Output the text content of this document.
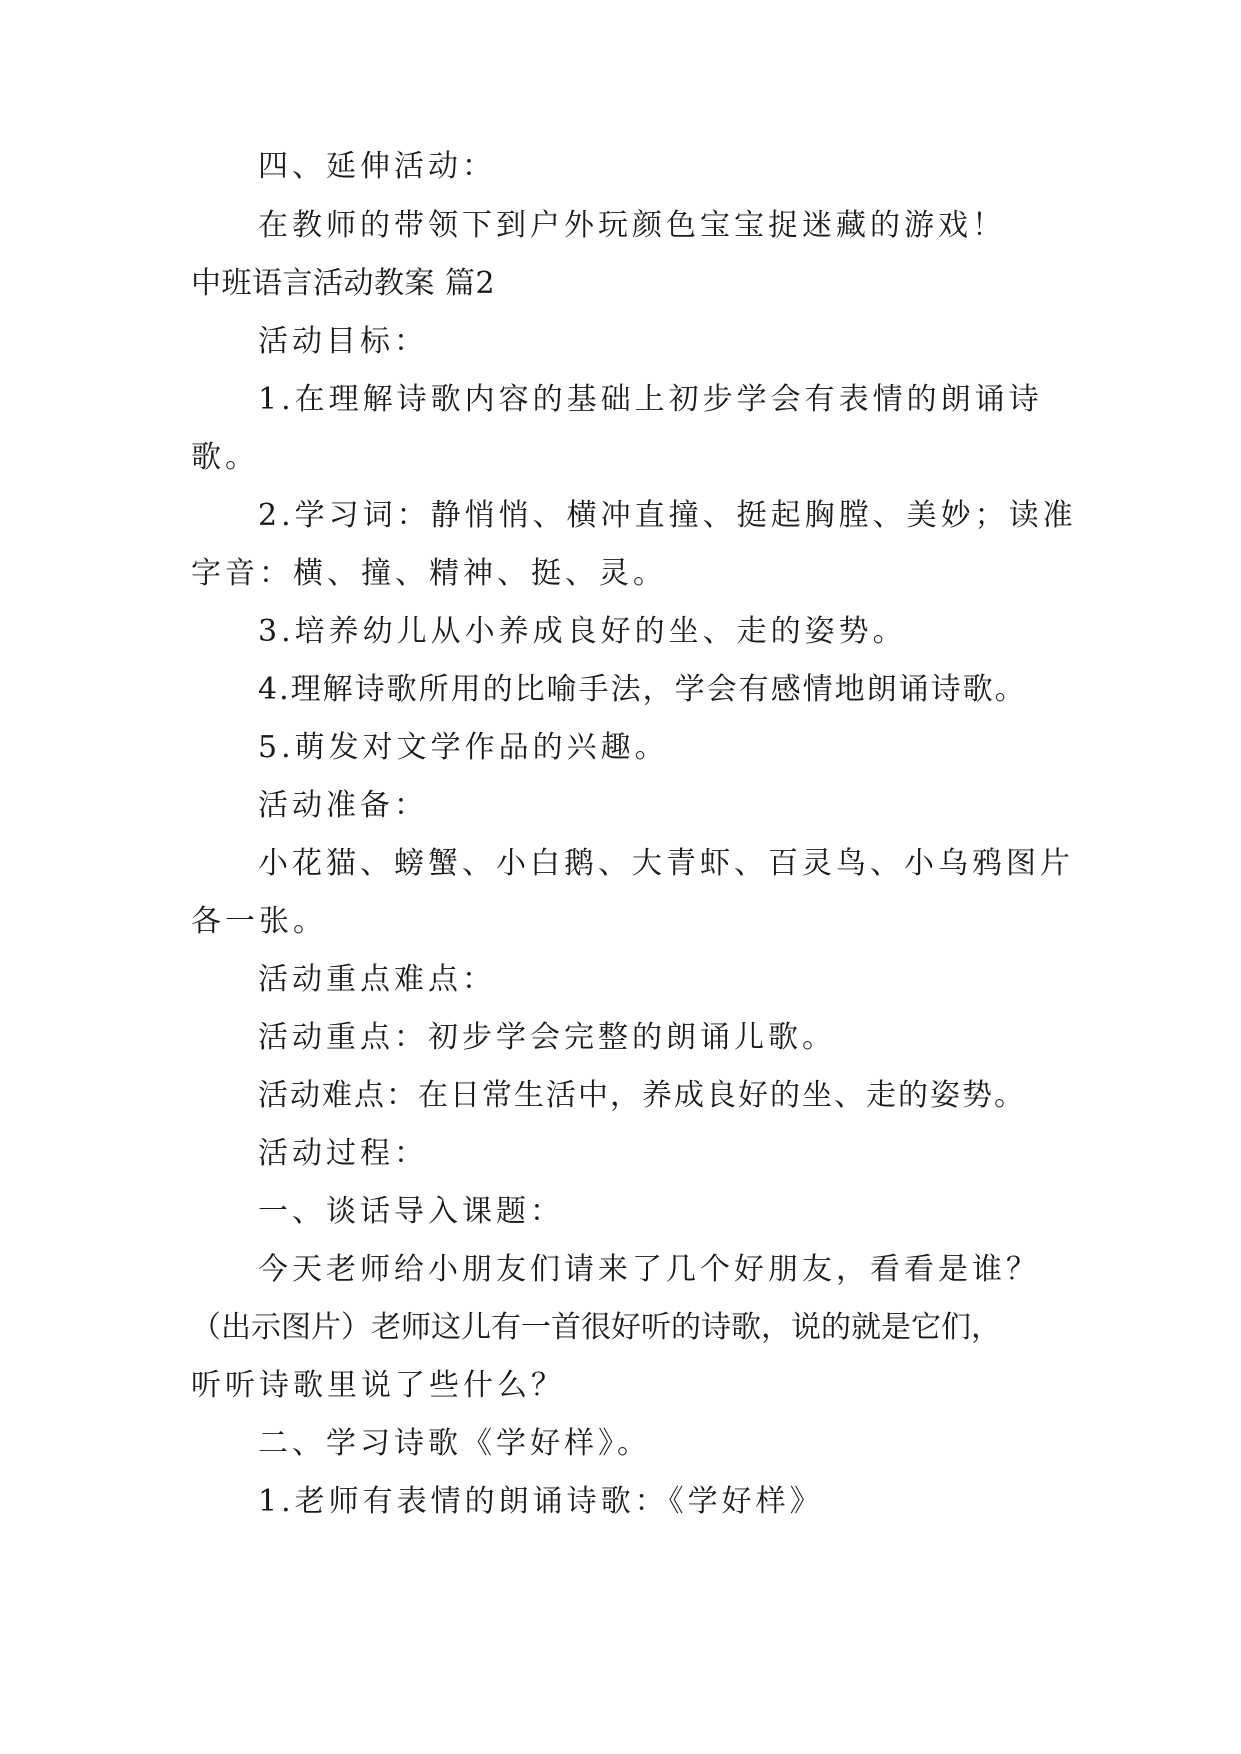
四、延伸活动：
在教师的带领下到户外玩颜色宝宝捉迷藏的游戏！
中班语言活动教案 篇2
活动目标：
1.在理解诗歌内容的基础上初步学会有表情的朗诵诗
歌。
2.学习词：静悄悄、横冲直撞、挺起胸膛、美妙；读准
字音：横、撞、精神、挺、灵。
3.培养幼儿从小养成良好的坐、走的姿势。
4.理解诗歌所用的比喻手法，学会有感情地朗诵诗歌。
5.萌发对文学作品的兴趣。
活动准备：
小花猫、螃蟹、小白鹅、大青虾、百灵鸟、小乌鸦图片
各一张。
活动重点难点：
活动重点：初步学会完整的朗诵儿歌。
活动难点：在日常生活中，养成良好的坐、走的姿势。
活动过程：
一、谈话导入课题：
今天老师给小朋友们请来了几个好朋友，看看是谁？
（出示图片）老师这儿有一首很好听的诗歌，说的就是它们，
听听诗歌里说了些什么？
二、学习诗歌《学好样》。
1.老师有表情的朗诵诗歌：《学好样》
